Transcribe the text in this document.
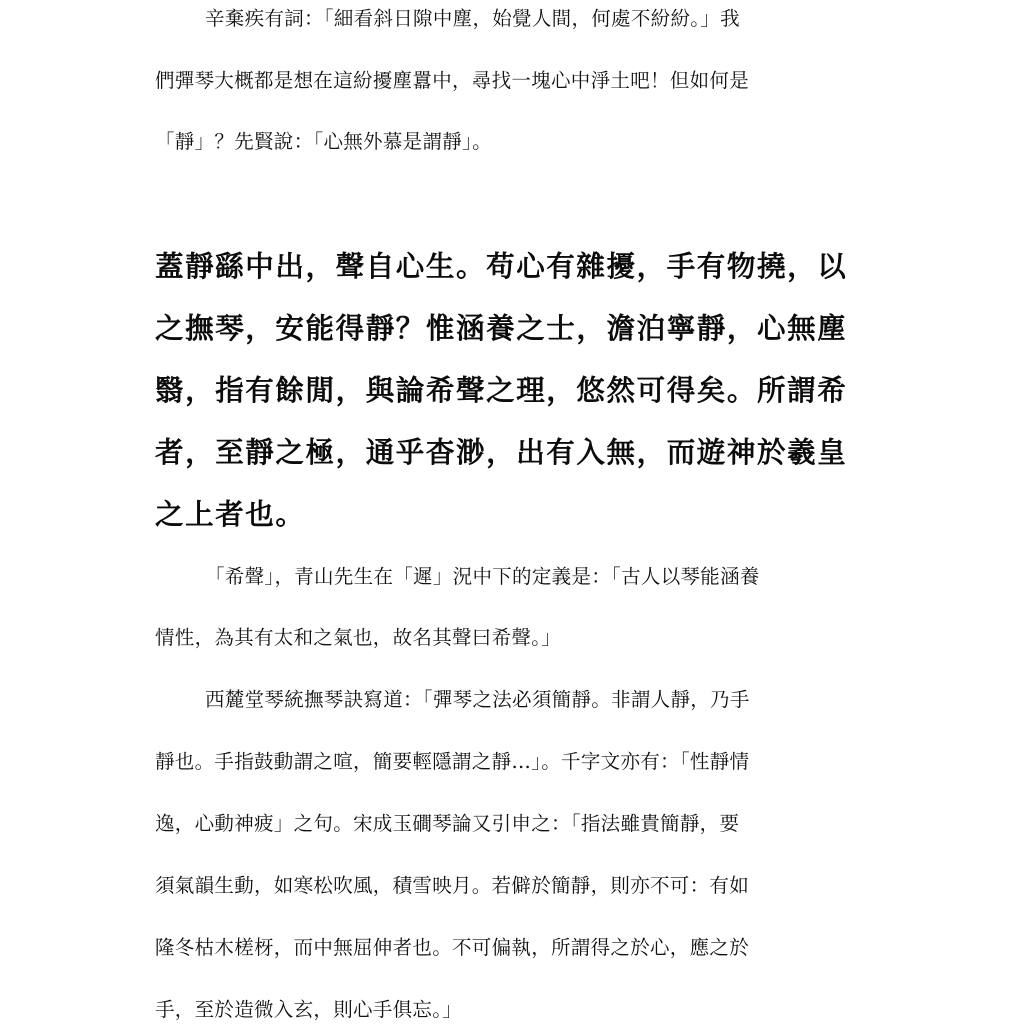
辛棄疾有詞：「細看斜日隙中塵，始覺人間，何處不紛紛。」我
們彈琴大概都是想在這紛擾塵囂中，尋找一塊心中淨土吧！但如何是
「靜」？先賢說：「心無外慕是謂靜」。
蓋靜繇中出，聲自心生。苟心有雜擾，手有物撓，以
之撫琴，安能得靜？惟涵養之士，澹泊寧靜，心無塵
翳，指有餘閒，與論希聲之理，悠然可得矣。所謂希
者，至靜之極，通乎杳渺，出有入無，而遊神於羲皇
之上者也。
「希聲」，青山先生在「遲」況中下的定義是：「古人以琴能涵養
情性，為其有太和之氣也，故名其聲曰希聲。」
西麓堂琴統撫琴訣寫道：「彈琴之法必須簡靜。非謂人靜，乃手
靜也。手指鼓動謂之喧，簡要輕隱謂之靜…」。千字文亦有：「性靜情
逸，心動神疲」之句。宋成玉磵琴論又引申之：「指法雖貴簡靜，要
須氣韻生動，如寒松吹風，積雪映月。若僻於簡靜，則亦不可：有如
隆冬枯木槎枒，而中無屈伸者也。不可偏執，所謂得之於心，應之於
手，至於造微入玄，則心手俱忘。」
